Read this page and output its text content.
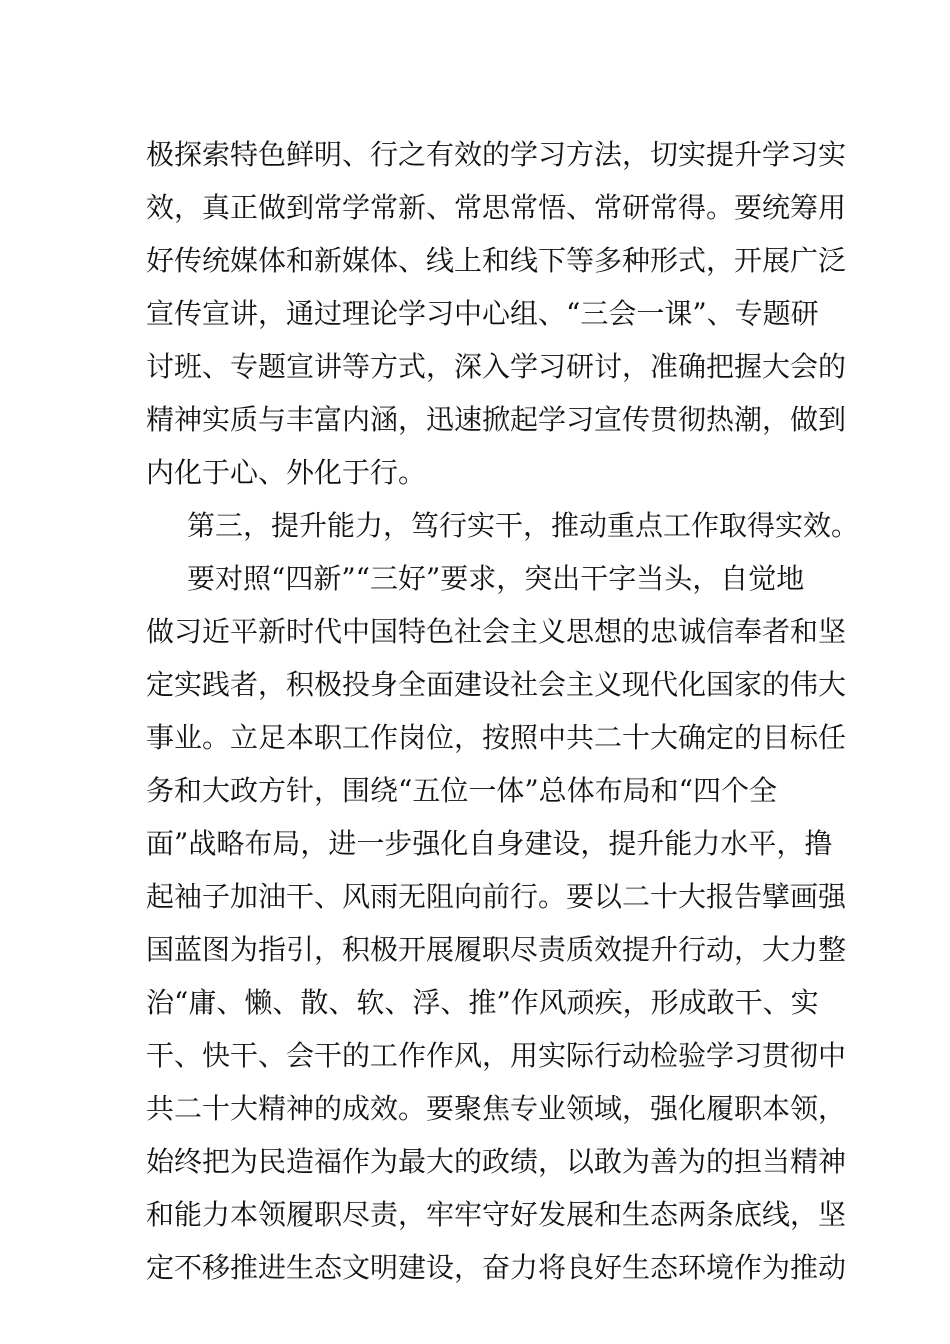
极探索特色鲜明、行之有效的学习方法，切实提升学习实
效，真正做到常学常新、常思常悟、常研常得。要统筹用
好传统媒体和新媒体、线上和线下等多种形式，开展广泛
宣传宣讲，通过理论学习中心组、“三会一课”、专题研
讨班、专题宣讲等方式，深入学习研讨，准确把握大会的
精神实质与丰富内涵，迅速掀起学习宣传贯彻热潮，做到
内化于心、外化于行。
第三，提升能力，笃行实干，推动重点工作取得实效。
要对照“四新”“三好”要求，突出干字当头，自觉地
做习近平新时代中国特色社会主义思想的忠诚信奉者和坚
定实践者，积极投身全面建设社会主义现代化国家的伟大
事业。立足本职工作岗位，按照中共二十大确定的目标任
务和大政方针，围绕“五位一体”总体布局和“四个全
面”战略布局，进一步强化自身建设，提升能力水平，撸
起袖子加油干、风雨无阻向前行。要以二十大报告擘画强
国蓝图为指引，积极开展履职尽责质效提升行动，大力整
治“庸、懒、散、软、浮、推”作风顽疾，形成敢干、实
干、快干、会干的工作作风，用实际行动检验学习贯彻中
共二十大精神的成效。要聚焦专业领域，强化履职本领，
始终把为民造福作为最大的政绩，以敢为善为的担当精神
和能力本领履职尽责，牢牢守好发展和生态两条底线，坚
定不移推进生态文明建设，奋力将良好生态环境作为推动
